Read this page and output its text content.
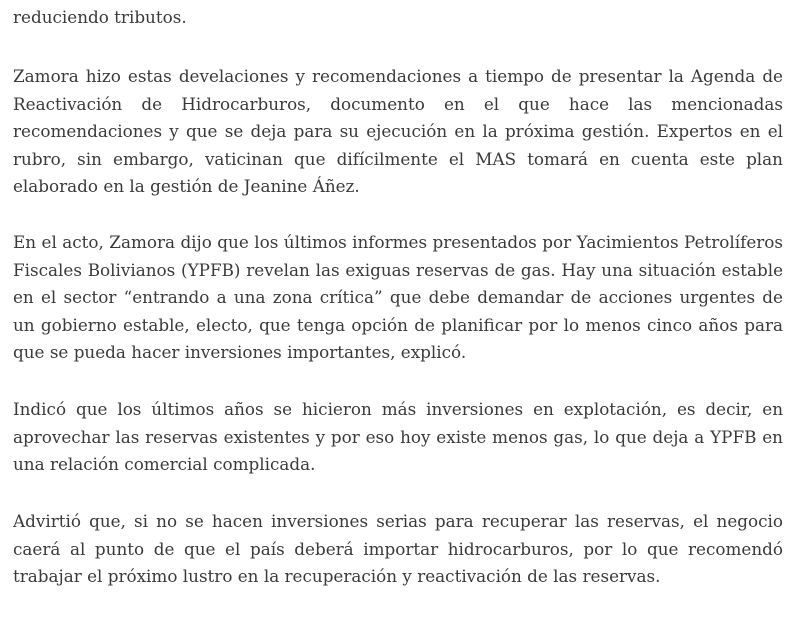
reduciendo tributos.

Zamora hizo estas develaciones y recomendaciones a tiempo de presentar la Agenda de Reactivación de Hidrocarburos, documento en el que hace las mencionadas recomendaciones y que se deja para su ejecución en la próxima gestión. Expertos en el rubro, sin embargo, vaticinan que difícilmente el MAS tomará en cuenta este plan elaborado en la gestión de Jeanine Áñez.

En el acto, Zamora dijo que los últimos informes presentados por Yacimientos Petrolíferos Fiscales Bolivianos (YPFB) revelan las exiguas reservas de gas. Hay una situación estable en el sector “entrando a una zona crítica” que debe demandar de acciones urgentes de un gobierno estable, electo, que tenga opción de planificar por lo menos cinco años para que se pueda hacer inversiones importantes, explicó.

Indicó que los últimos años se hicieron más inversiones en explotación, es decir, en aprovechar las reservas existentes y por eso hoy existe menos gas, lo que deja a YPFB en una relación comercial complicada.

Advirtió que, si no se hacen inversiones serias para recuperar las reservas, el negocio caerá al punto de que el país deberá importar hidrocarburos, por lo que recomendó trabajar el próximo lustro en la recuperación y reactivación de las reservas.
